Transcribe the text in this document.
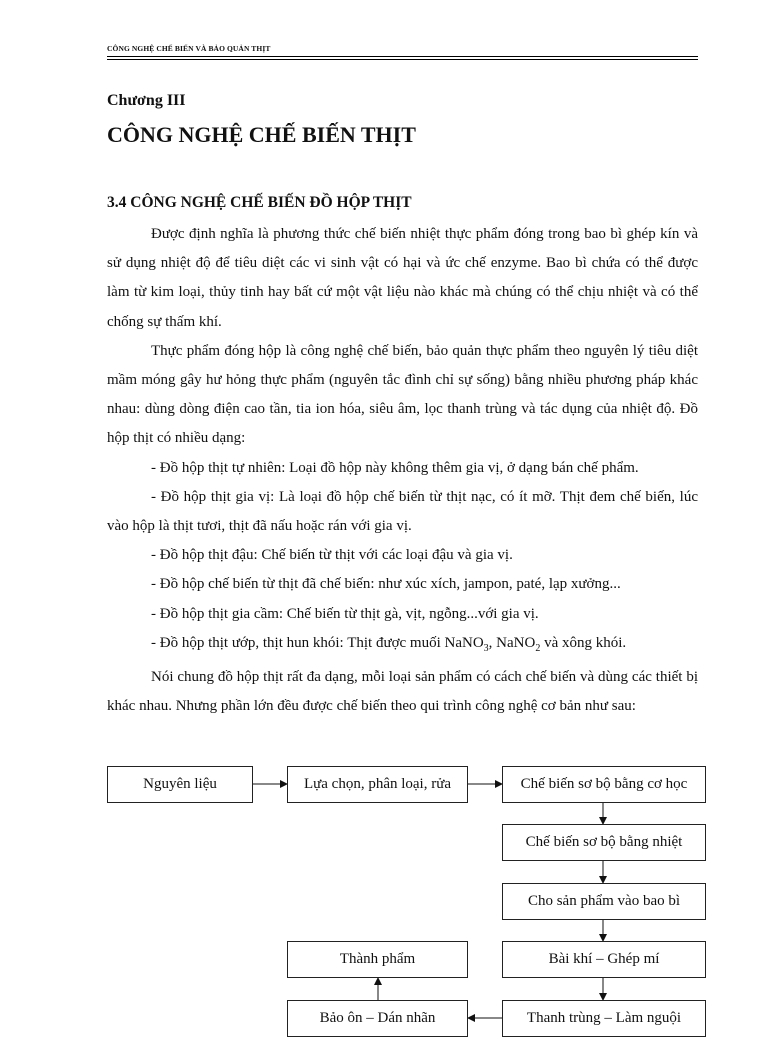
CÔNG NGHỆ CHẾ BIẾN VÀ BẢO QUẢN THỊT
Chương III
CÔNG NGHỆ CHẾ BIẾN THỊT
3.4 CÔNG NGHỆ CHẾ BIẾN ĐỒ HỘP THỊT

Được định nghĩa là phương thức chế biến nhiệt thực phẩm đóng trong bao bì ghép kín và sử dụng nhiệt độ để tiêu diệt các vi sinh vật có hại và ức chế enzyme. Bao bì chứa có thể được làm từ kim loại, thủy tinh hay bất cứ một vật liệu nào khác mà chúng có thể chịu nhiệt và có thể chống sự thấm khí.

Thực phẩm đóng hộp là công nghệ chế biến, bảo quản thực phẩm theo nguyên lý tiêu diệt mầm móng gây hư hỏng thực phẩm (nguyên tắc đình chỉ sự sống) bằng nhiều phương pháp khác nhau: dùng dòng điện cao tần, tia ion hóa, siêu âm, lọc thanh trùng và tác dụng của nhiệt độ. Đồ hộp thịt có nhiều dạng:

- Đồ hộp thịt tự nhiên: Loại đồ hộp này không thêm gia vị, ở dạng bán chế phẩm.

- Đồ hộp thịt gia vị: Là loại đồ hộp chế biến từ thịt nạc, có ít mỡ. Thịt đem chế biến, lúc vào hộp là thịt tươi, thịt đã nấu hoặc rán với gia vị.

- Đồ hộp thịt đậu: Chế biến từ thịt với các loại đậu và gia vị.

- Đồ hộp chế biến từ thịt đã chế biến: như xúc xích, jampon, paté, lạp xưởng...

- Đồ hộp thịt gia cầm: Chế biến từ thịt gà, vịt, ngỗng...với gia vị.

- Đồ hộp thịt ướp, thịt hun khói: Thịt được muối NaNO$_3$, NaNO$_2$ và xông khói.

Nói chung đồ hộp thịt rất đa dạng, mỗi loại sản phẩm có cách chế biến và dùng các thiết bị khác nhau. Nhưng phần lớn đều được chế biến theo qui trình công nghệ cơ bản như sau:

Nguyên liệu	Lựa chọn, phân loại, rửa	Chế biến sơ bộ bằng cơ học
Chế biến sơ bộ bằng nhiệt
Cho sản phẩm vào bao bì
Bài khí – Ghép mí
Thanh trùng – Làm nguội
Bảo ôn – Dán nhãn
Thành phẩm
